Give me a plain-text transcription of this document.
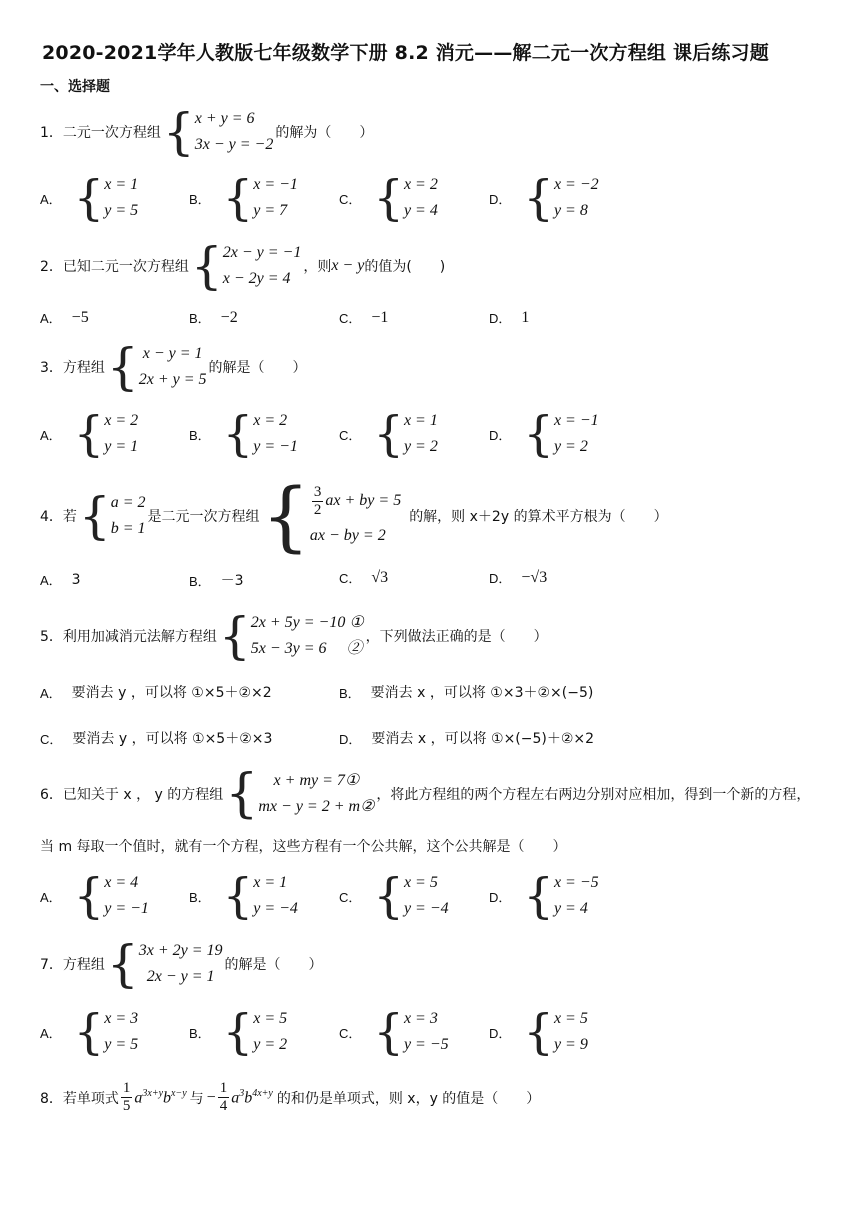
2020-2021学年人教版七年级数学下册 8.2 消元——解二元一次方程组 课后练习题
一、选择题
1．二元一次方程组 { x + y = 6
3x − y = −2
的解为（　　）
A． { x = 1
y = 5
B． { x = −1
y = 7
C． { x = 2
y = 4
D． { x = −2
y = 8
2．已知二元一次方程组 { 2x − y = −1
x − 2y = 4
，则 x − y 的值为(　　)
A． −5	B． −2	C． −1	D． 1
3．方程组 { x − y = 1
2x + y = 5
的解是（　　）
A． { x = 2
y = 1
B． { x = 2
y = −1
C． { x = 1
y = 2
D． { x = −1
y = 2
4．若 { a = 2
b = 1
是二元一次方程组 { $\frac{3}{2}$ ax + by = 5
ax − by = 2
的解，则 x＋2y 的算术平方根为（　　）
A． 3	B． －3	C． √3	D． −√3
5．利用加减消元法解方程组 { 2x + 5y = −10 ①
5x − 3y = 6　 ②
，下列做法正确的是（　　）
A． 要消去 y ，可以将 ①×5＋②×2	B． 要消去 x ，可以将 ①×3＋②×(−5)
C． 要消去 y ，可以将 ①×5＋②×3	D． 要消去 x ，可以将 ①×(−5)＋②×2
6．已知关于 x ， y 的方程组 { x + my = 7①
mx − y = 2 + m②
，将此方程组的两个方程左右两边分别对应相加，得到一个新的方程，
当 m 每取一个值时，就有一个方程，这些方程有一个公共解，这个公共解是（　　）
A． { x = 4
y = −1
B． { x = 1
y = −4
C． { x = 5
y = −4
D． { x = −5
y = 4
7．方程组 { 3x + 2y = 19
2x − y = 1
的解是（　　）
A． { x = 3
y = 5
B． { x = 5
y = 2
C． { x = 3
y = −5
D． { x = 5
y = 9
8．若单项式 $\frac{1}{5} a^{3x+y}b^{x-y}$ 与 − $\frac{1}{4} a^3b^{4x+y}$ 的和仍是单项式，则 x，y 的值是（　　）
